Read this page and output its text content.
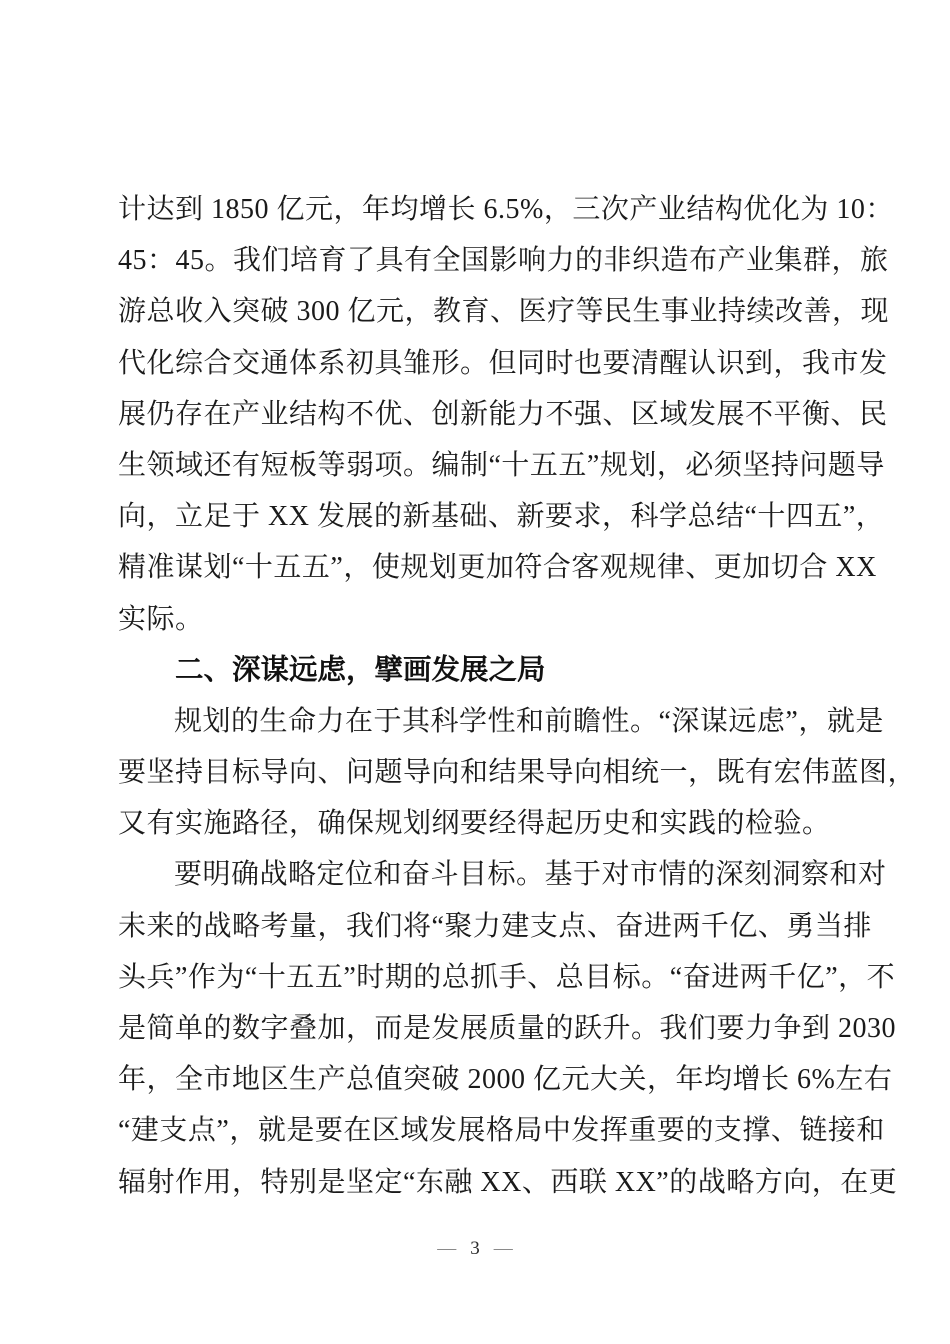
计达到 1850 亿元，年均增长 6.5%，三次产业结构优化为 10：
45：45。我们培育了具有全国影响力的非织造布产业集群，旅
游总收入突破 300 亿元，教育、医疗等民生事业持续改善，现
代化综合交通体系初具雏形。但同时也要清醒认识到，我市发
展仍存在产业结构不优、创新能力不强、区域发展不平衡、民
生领域还有短板等弱项。编制“十五五”规划，必须坚持问题导
向，立足于 XX 发展的新基础、新要求，科学总结“十四五”，
精准谋划“十五五”，使规划更加符合客观规律、更加切合 XX
实际。
二、深谋远虑，擘画发展之局
规划的生命力在于其科学性和前瞻性。“深谋远虑”，就是
要坚持目标导向、问题导向和结果导向相统一，既有宏伟蓝图，
又有实施路径，确保规划纲要经得起历史和实践的检验。
要明确战略定位和奋斗目标。基于对市情的深刻洞察和对
未来的战略考量，我们将“聚力建支点、奋进两千亿、勇当排
头兵”作为“十五五”时期的总抓手、总目标。“奋进两千亿”，不
是简单的数字叠加，而是发展质量的跃升。我们要力争到 2030
年，全市地区生产总值突破 2000 亿元大关，年均增长 6%左右
“建支点”，就是要在区域发展格局中发挥重要的支撑、链接和
辐射作用，特别是坚定“东融 XX、西联 XX”的战略方向，在更
— 3 —
